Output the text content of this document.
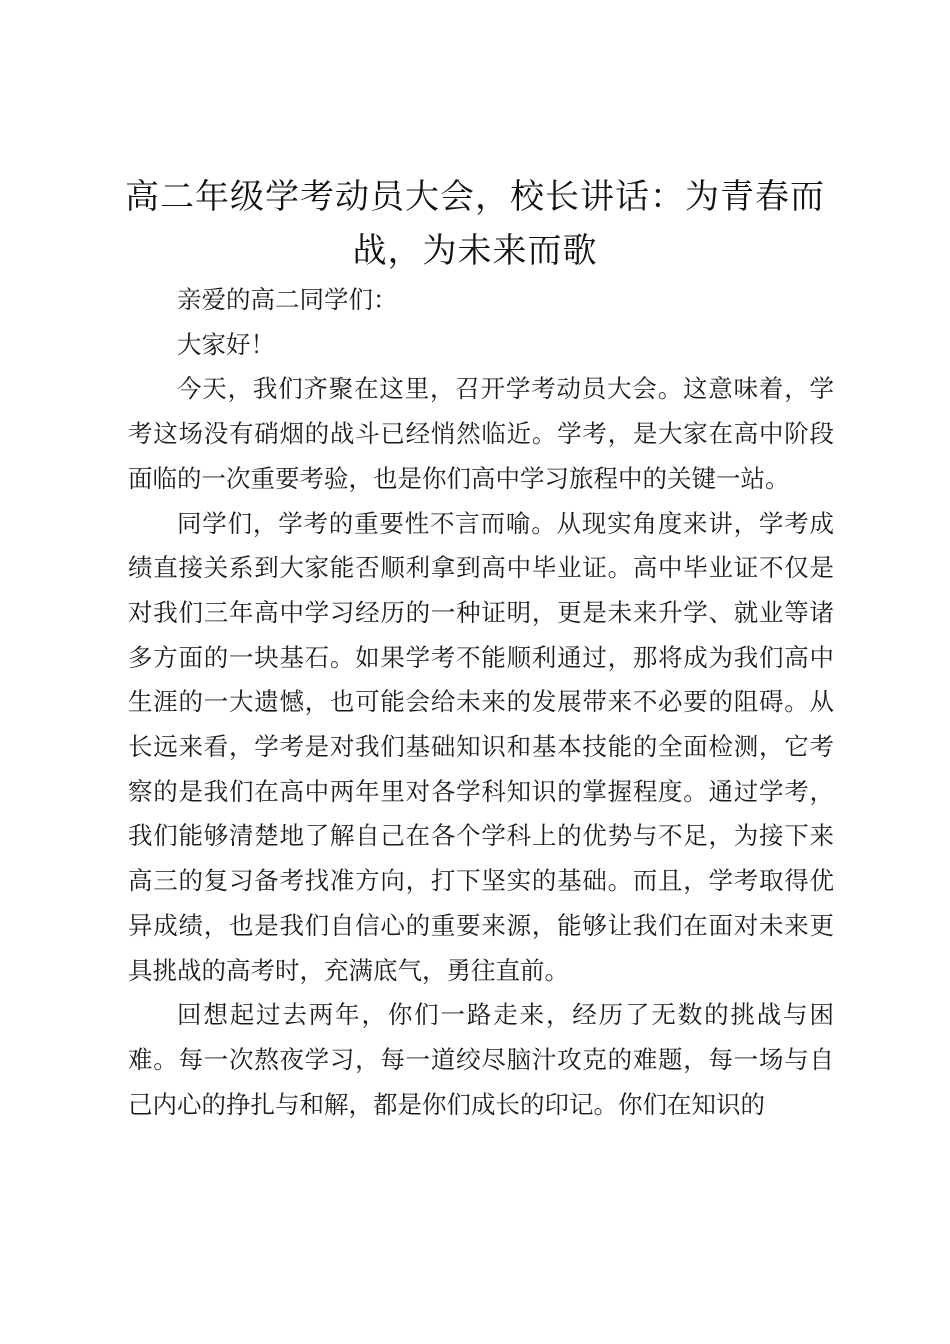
高二年级学考动员大会，校长讲话：为青春而战，为未来而歌

亲爱的高二同学们：

大家好！

今天，我们齐聚在这里，召开学考动员大会。这意味着，学考这场没有硝烟的战斗已经悄然临近。学考，是大家在高中阶段面临的一次重要考验，也是你们高中学习旅程中的关键一站。

同学们，学考的重要性不言而喻。从现实角度来讲，学考成绩直接关系到大家能否顺利拿到高中毕业证。高中毕业证不仅是对我们三年高中学习经历的一种证明，更是未来升学、就业等诸多方面的一块基石。如果学考不能顺利通过，那将成为我们高中生涯的一大遗憾，也可能会给未来的发展带来不必要的阻碍。从长远来看，学考是对我们基础知识和基本技能的全面检测，它考察的是我们在高中两年里对各学科知识的掌握程度。通过学考，我们能够清楚地了解自己在各个学科上的优势与不足，为接下来高三的复习备考找准方向，打下坚实的基础。而且，学考取得优异成绩，也是我们自信心的重要来源，能够让我们在面对未来更具挑战的高考时，充满底气，勇往直前。

回想起过去两年，你们一路走来，经历了无数的挑战与困难。每一次熬夜学习，每一道绞尽脑汁攻克的难题，每一场与自己内心的挣扎与和解，都是你们成长的印记。你们在知识的
